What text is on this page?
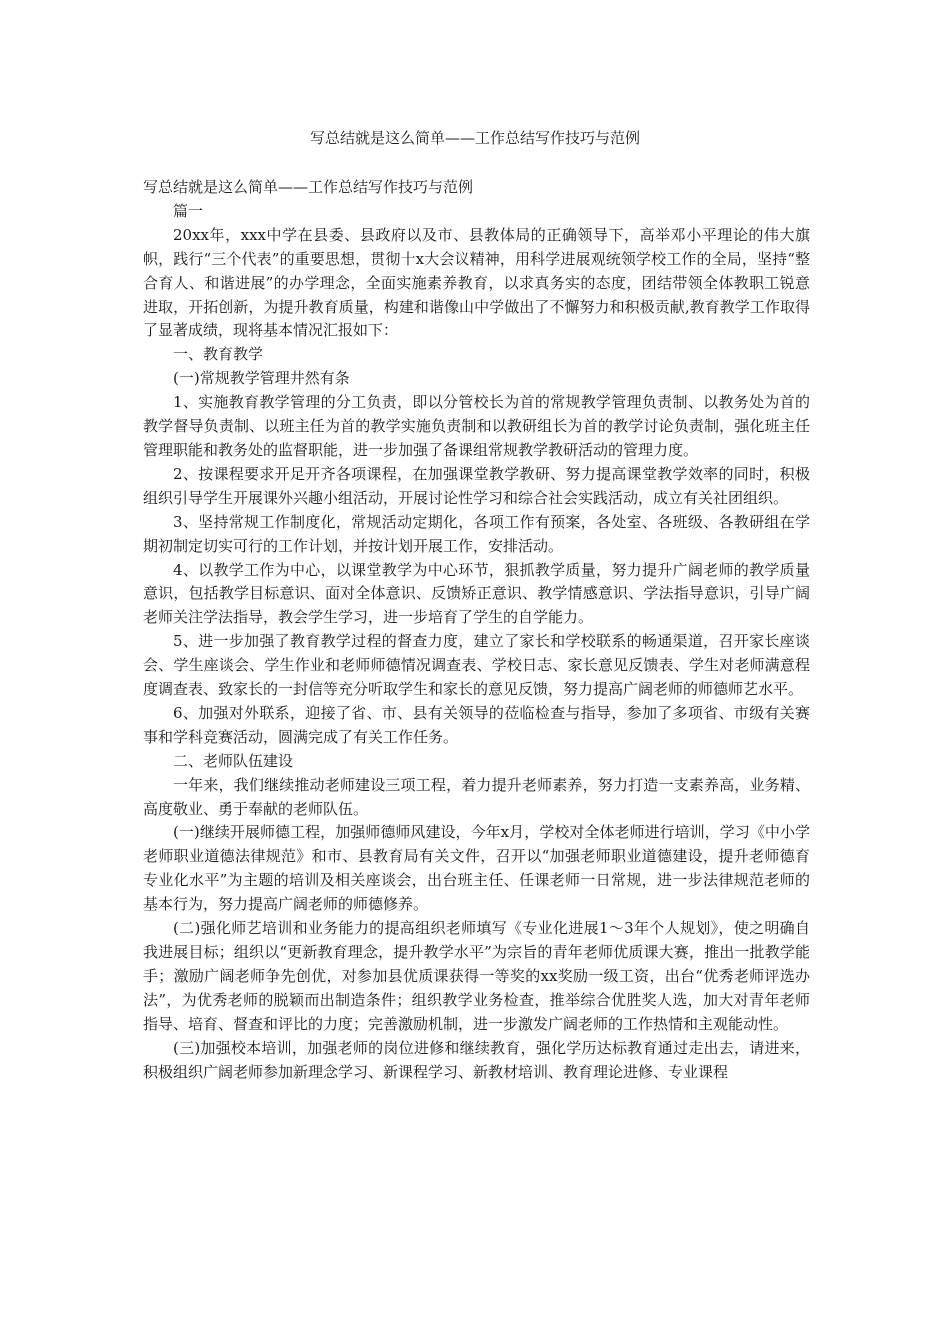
写总结就是这么简单——工作总结写作技巧与范例

写总结就是这么简单——工作总结写作技巧与范例

篇一

20xx年，xxx中学在县委、县政府以及市、县教体局的正确领导下，高举邓小平理论的伟大旗帜，践行“三个代表”的重要思想，贯彻十x大会议精神，用科学进展观统领学校工作的全局，坚持“整合育人、和谐进展”的办学理念，全面实施素养教育，以求真务实的态度，团结带领全体教职工锐意进取，开拓创新，为提升教育质量，构建和谐像山中学做出了不懈努力和积极贡献,教育教学工作取得了显著成绩，现将基本情况汇报如下：

一、教育教学

(一)常规教学管理井然有条

1、实施教育教学管理的分工负责，即以分管校长为首的常规教学管理负责制、以教务处为首的教学督导负责制、以班主任为首的教学实施负责制和以教研组长为首的教学讨论负责制，强化班主任管理职能和教务处的监督职能，进一步加强了备课组常规教学教研活动的管理力度。

2、按课程要求开足开齐各项课程，在加强课堂教学教研、努力提高课堂教学效率的同时，积极组织引导学生开展课外兴趣小组活动，开展讨论性学习和综合社会实践活动，成立有关社团组织。

3、坚持常规工作制度化，常规活动定期化，各项工作有预案，各处室、各班级、各教研组在学期初制定切实可行的工作计划，并按计划开展工作，安排活动。

4、以教学工作为中心，以课堂教学为中心环节，狠抓教学质量，努力提升广阔老师的教学质量意识，包括教学目标意识、面对全体意识、反馈矫正意识、教学情感意识、学法指导意识，引导广阔老师关注学法指导，教会学生学习，进一步培育了学生的自学能力。

5、进一步加强了教育教学过程的督查力度，建立了家长和学校联系的畅通渠道，召开家长座谈会、学生座谈会、学生作业和老师师德情况调查表、学校日志、家长意见反馈表、学生对老师满意程度调查表、致家长的一封信等充分听取学生和家长的意见反馈，努力提高广阔老师的师德师艺水平。

6、加强对外联系，迎接了省、市、县有关领导的莅临检查与指导，参加了多项省、市级有关赛事和学科竞赛活动，圆满完成了有关工作任务。

二、老师队伍建设

一年来，我们继续推动老师建设三项工程，着力提升老师素养，努力打造一支素养高，业务精、高度敬业、勇于奉献的老师队伍。

(一)继续开展师德工程，加强师德师风建设，今年x月，学校对全体老师进行培训，学习《中小学老师职业道德法律规范》和市、县教育局有关文件，召开以“加强老师职业道德建设，提升老师德育专业化水平”为主题的培训及相关座谈会，出台班主任、任课老师一日常规，进一步法律规范老师的基本行为，努力提高广阔老师的师德修养。

(二)强化师艺培训和业务能力的提高组织老师填写《专业化进展1～3年个人规划》，使之明确自我进展目标；组织以“更新教育理念，提升教学水平”为宗旨的青年老师优质课大赛，推出一批教学能手；激励广阔老师争先创优，对参加县优质课获得一等奖的xx奖励一级工资，出台“优秀老师评选办法”，为优秀老师的脱颖而出制造条件；组织教学业务检查，推举综合优胜奖人选，加大对青年老师指导、培育、督查和评比的力度；完善激励机制，进一步激发广阔老师的工作热情和主观能动性。

(三)加强校本培训，加强老师的岗位进修和继续教育，强化学历达标教育通过走出去，请进来，积极组织广阔老师参加新理念学习、新课程学习、新教材培训、教育理论进修、专业课程
